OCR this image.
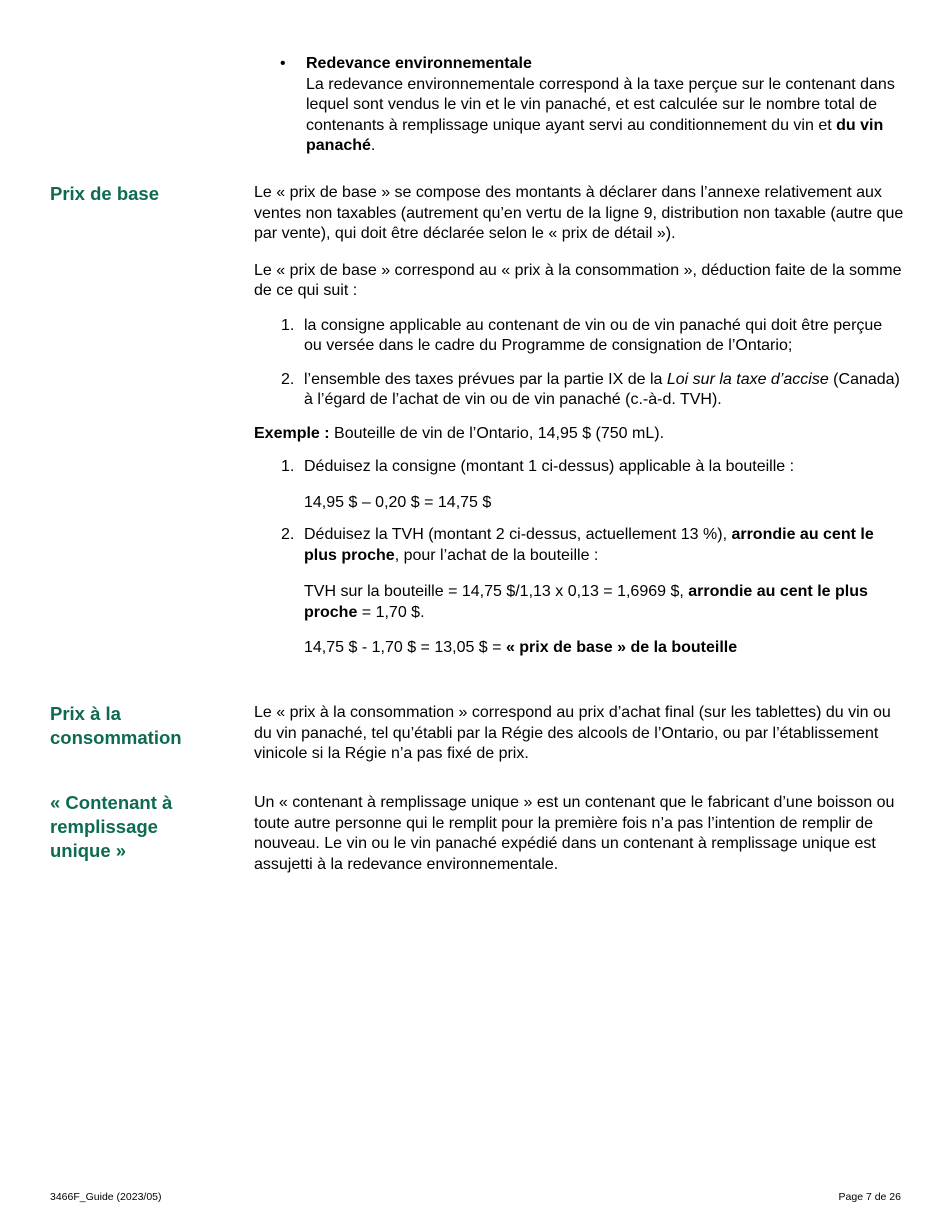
• Redevance environnementale
La redevance environnementale correspond à la taxe perçue sur le contenant dans lequel sont vendus le vin et le vin panaché, et est calculée sur le nombre total de contenants à remplissage unique ayant servi au conditionnement du vin et du vin panaché.

Prix de base	Le « prix de base » se compose des montants à déclarer dans l’annexe relativement aux ventes non taxables (autrement qu’en vertu de la ligne 9, distribution non taxable (autre que par vente), qui doit être déclarée selon le « prix de détail »).

Le « prix de base » correspond au « prix à la consommation », déduction faite de la somme de ce qui suit :

1. la consigne applicable au contenant de vin ou de vin panaché qui doit être perçue ou versée dans le cadre du Programme de consignation de l’Ontario;
2. l’ensemble des taxes prévues par la partie IX de la Loi sur la taxe d’accise (Canada) à l’égard de l’achat de vin ou de vin panaché (c.-à-d. TVH).

Exemple : Bouteille de vin de l’Ontario, 14,95 $ (750 mL).

1. Déduisez la consigne (montant 1 ci-dessus) applicable à la bouteille :

14,95 $ – 0,20 $ = 14,75 $

2. Déduisez la TVH (montant 2 ci-dessus, actuellement 13 %), arrondie au cent le plus proche, pour l’achat de la bouteille :

TVH sur la bouteille = 14,75 $/1,13 x 0,13 = 1,6969 $, arrondie au cent le plus proche = 1,70 $.

14,75 $ - 1,70 $ = 13,05 $ = « prix de base » de la bouteille

Prix à la consommation

Le « prix à la consommation » correspond au prix d’achat final (sur les tablettes) du vin ou du vin panaché, tel qu’établi par la Régie des alcools de l’Ontario, ou par l’établissement vinicole si la Régie n’a pas fixé de prix.

« Contenant à remplissage unique »

Un « contenant à remplissage unique » est un contenant que le fabricant d’une boisson ou toute autre personne qui le remplit pour la première fois n’a pas l’intention de remplir de nouveau. Le vin ou le vin panaché expédié dans un contenant à remplissage unique est assujetti à la redevance environnementale.

3466F_Guide (2023/05)	Page 7 de 26
